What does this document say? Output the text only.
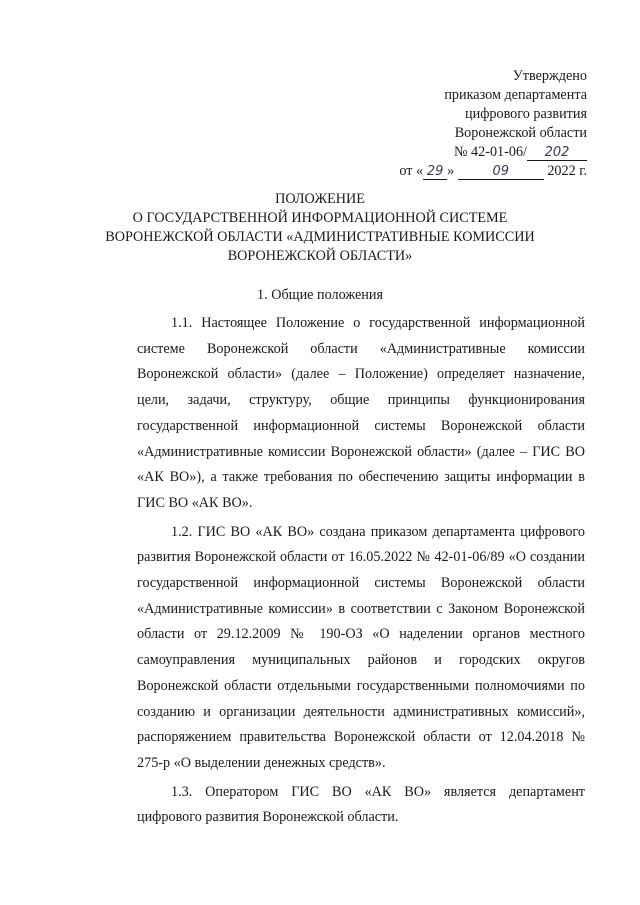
Утверждено
приказом департамента
цифрового развития
Воронежской области
№ 42-01-06/ 202
от « 29 »	09	2022 г.
ПОЛОЖЕНИЕ
О ГОСУДАРСТВЕННОЙ ИНФОРМАЦИОННОЙ СИСТЕМЕ
ВОРОНЕЖСКОЙ ОБЛАСТИ «АДМИНИСТРАТИВНЫЕ КОМИССИИ
ВОРОНЕЖСКОЙ ОБЛАСТИ»
1. Общие положения

1.1. Настоящее Положение о государственной информационной системе Воронежской области «Административные комиссии Воронежской области» (далее – Положение) определяет назначение, цели, задачи, структуру, общие принципы функционирования государственной информационной системы Воронежской области «Административные комиссии Воронежской области» (далее – ГИС ВО «АК ВО»), а также требования по обеспечению защиты информации в ГИС ВО «АК ВО».

1.2. ГИС ВО «АК ВО» создана приказом департамента цифрового развития Воронежской области от 16.05.2022 № 42-01-06/89 «О создании государственной информационной системы Воронежской области «Административные комиссии» в соответствии с Законом Воронежской области от 29.12.2009 № 190-ОЗ «О наделении органов местного самоуправления муниципальных районов и городских округов Воронежской области отдельными государственными полномочиями по созданию и организации деятельности административных комиссий», распоряжением правительства Воронежской области от 12.04.2018 № 275-р «О выделении денежных средств».

1.3. Оператором ГИС ВО «АК ВО» является департамент цифрового развития Воронежской области.
